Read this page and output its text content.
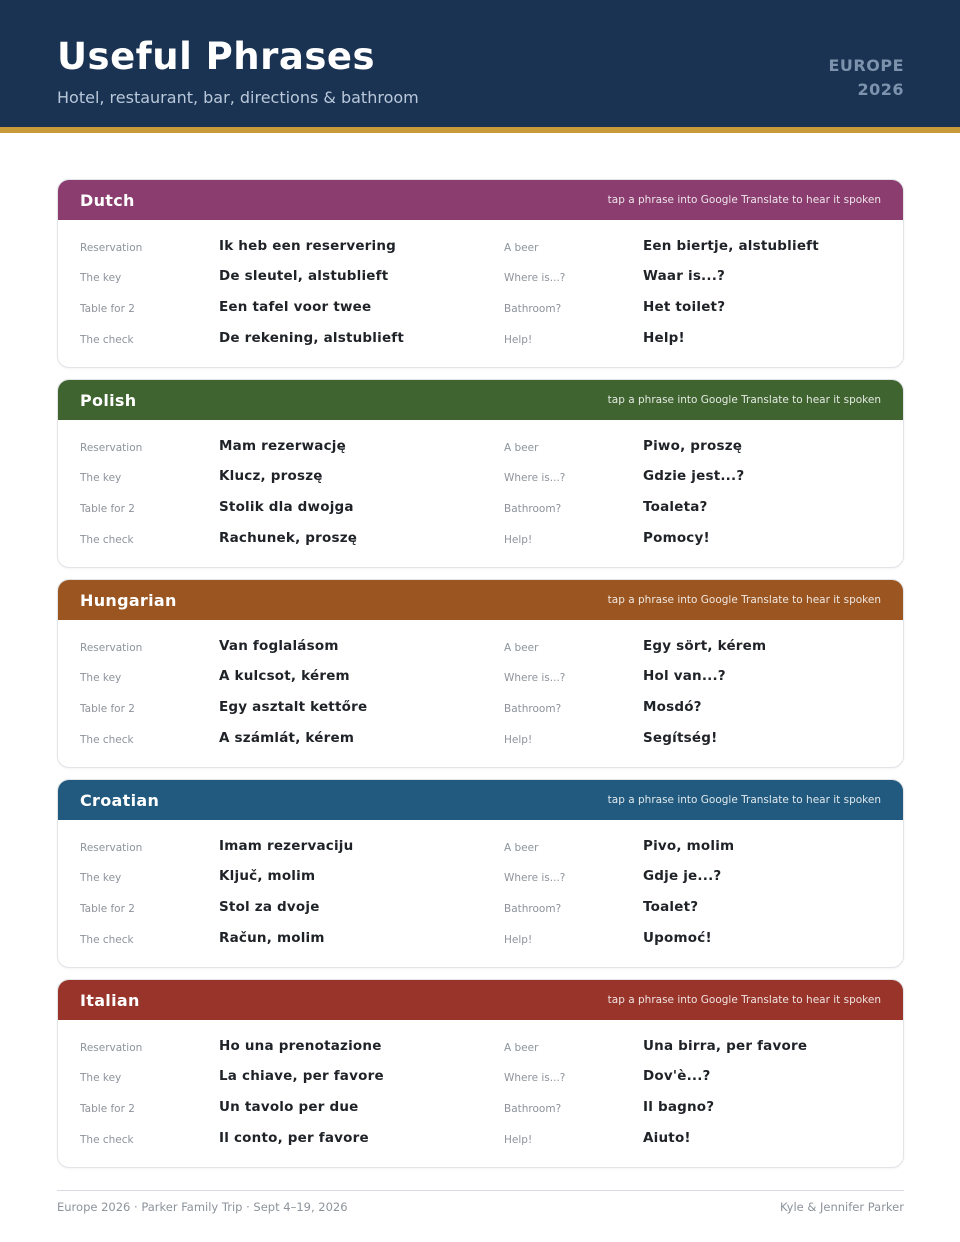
Useful Phrases
Hotel, restaurant, bar, directions & bathroom
EUROPE
2026
Dutch	tap a phrase into Google Translate to hear it spoken
Reservation	Ik heb een reservering	A beer	Een biertje, alstublieft
The key	De sleutel, alstublieft	Where is...?	Waar is...?
Table for 2	Een tafel voor twee	Bathroom?	Het toilet?
The check	De rekening, alstublieft	Help!	Help!
Polish	tap a phrase into Google Translate to hear it spoken
Reservation	Mam rezerwację	A beer	Piwo, proszę
The key	Klucz, proszę	Where is...?	Gdzie jest...?
Table for 2	Stolik dla dwojga	Bathroom?	Toaleta?
The check	Rachunek, proszę	Help!	Pomocy!
Hungarian	tap a phrase into Google Translate to hear it spoken
Reservation	Van foglalásom	A beer	Egy sört, kérem
The key	A kulcsot, kérem	Where is...?	Hol van...?
Table for 2	Egy asztalt kettőre	Bathroom?	Mosdó?
The check	A számlát, kérem	Help!	Segítség!
Croatian	tap a phrase into Google Translate to hear it spoken
Reservation	Imam rezervaciju	A beer	Pivo, molim
The key	Ključ, molim	Where is...?	Gdje je...?
Table for 2	Stol za dvoje	Bathroom?	Toalet?
The check	Račun, molim	Help!	Upomoć!
Italian	tap a phrase into Google Translate to hear it spoken
Reservation	Ho una prenotazione	A beer	Una birra, per favore
The key	La chiave, per favore	Where is...?	Dov'è...?
Table for 2	Un tavolo per due	Bathroom?	Il bagno?
The check	Il conto, per favore	Help!	Aiuto!
Europe 2026 · Parker Family Trip · Sept 4–19, 2026	Kyle & Jennifer Parker
